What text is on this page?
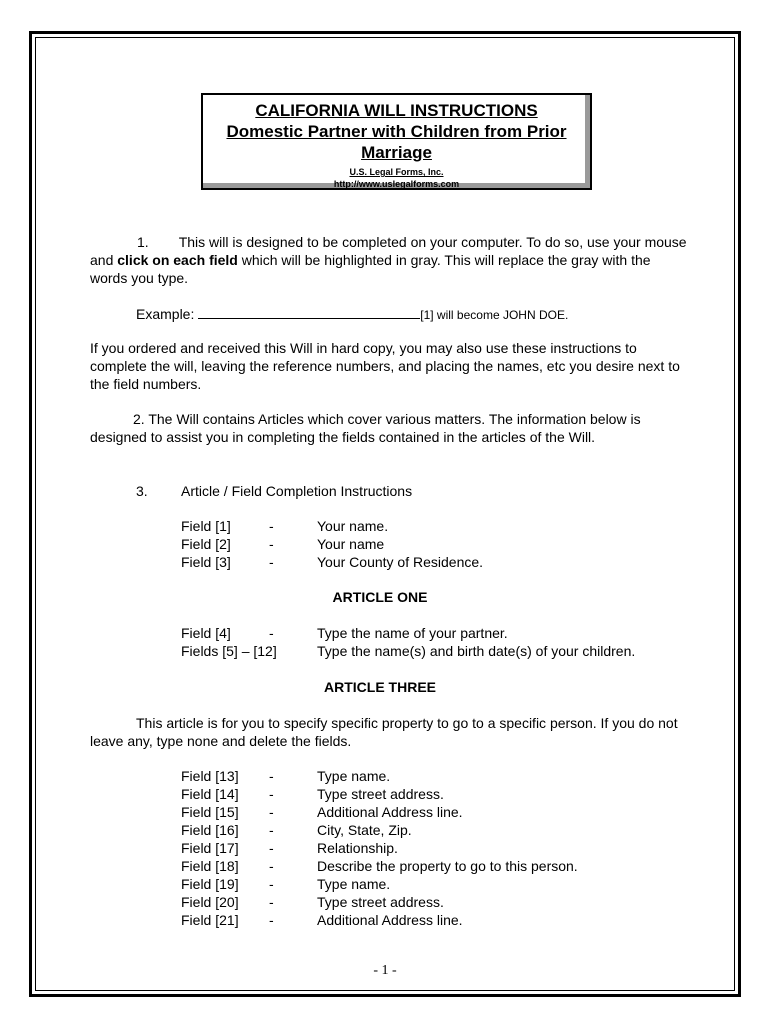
CALIFORNIA WILL INSTRUCTIONS
Domestic Partner with Children from Prior
Marriage
U.S. Legal Forms, Inc.
http://www.uslegalforms.com
1. This will is designed to be completed on your computer. To do so, use your mouse and click on each field which will be highlighted in gray. This will replace the gray with the words you type.
Example:	[1] will become JOHN DOE.
If you ordered and received this Will in hard copy, you may also use these instructions to complete the will, leaving the reference numbers, and placing the names, etc you desire next to the field numbers.
2. The Will contains Articles which cover various matters. The information below is designed to assist you in completing the fields contained in the articles of the Will.
3. Article / Field Completion Instructions
Field [1]	-	Your name.
Field [2]	-	Your name
Field [3]	-	Your County of Residence.
ARTICLE ONE
Field [4]	-	Type the name of your partner.
Fields [5] – [12]	Type the name(s) and birth date(s) of your children.
ARTICLE THREE
This article is for you to specify specific property to go to a specific person. If you do not leave any, type none and delete the fields.
Field [13] -	Type name.
Field [14] -	Type street address.
Field [15] -	Additional Address line.
Field [16] -	City, State, Zip.
Field [17] -	Relationship.
Field [18] -	Describe the property to go to this person.
Field [19] -	Type name.
Field [20] -	Type street address.
Field [21] -	Additional Address line.
- 1 -
